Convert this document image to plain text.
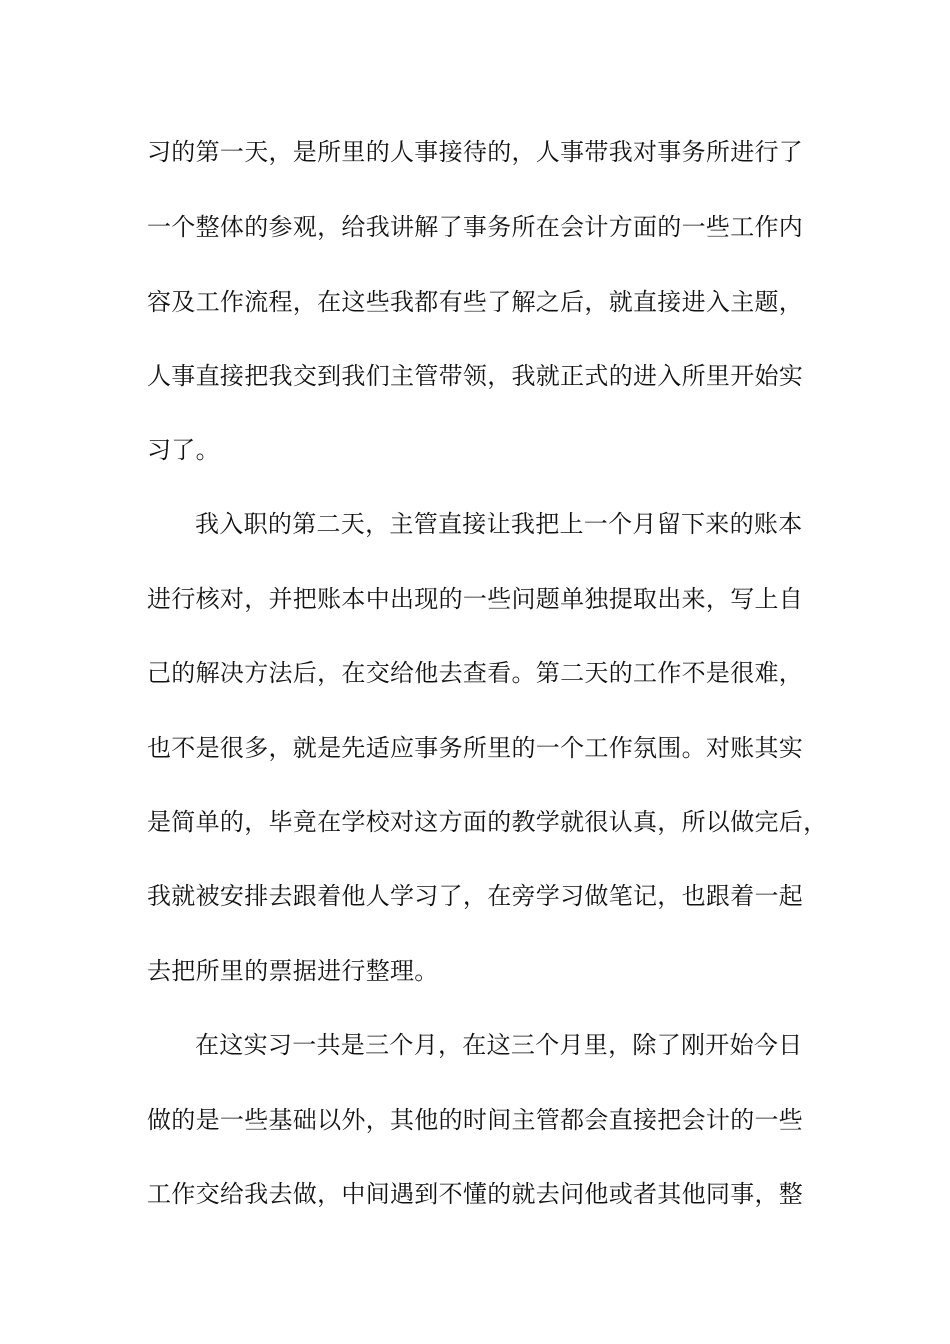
习的第一天，是所里的人事接待的，人事带我对事务所进行了

一个整体的参观，给我讲解了事务所在会计方面的一些工作内

容及工作流程，在这些我都有些了解之后，就直接进入主题，

人事直接把我交到我们主管带领，我就正式的进入所里开始实

习了。

我入职的第二天，主管直接让我把上一个月留下来的账本

进行核对，并把账本中出现的一些问题单独提取出来，写上自

己的解决方法后，在交给他去查看。第二天的工作不是很难，

也不是很多，就是先适应事务所里的一个工作氛围。对账其实

是简单的，毕竟在学校对这方面的教学就很认真，所以做完后，

我就被安排去跟着他人学习了，在旁学习做笔记，也跟着一起

去把所里的票据进行整理。

在这实习一共是三个月，在这三个月里，除了刚开始今日

做的是一些基础以外，其他的时间主管都会直接把会计的一些

工作交给我去做，中间遇到不懂的就去问他或者其他同事，整
